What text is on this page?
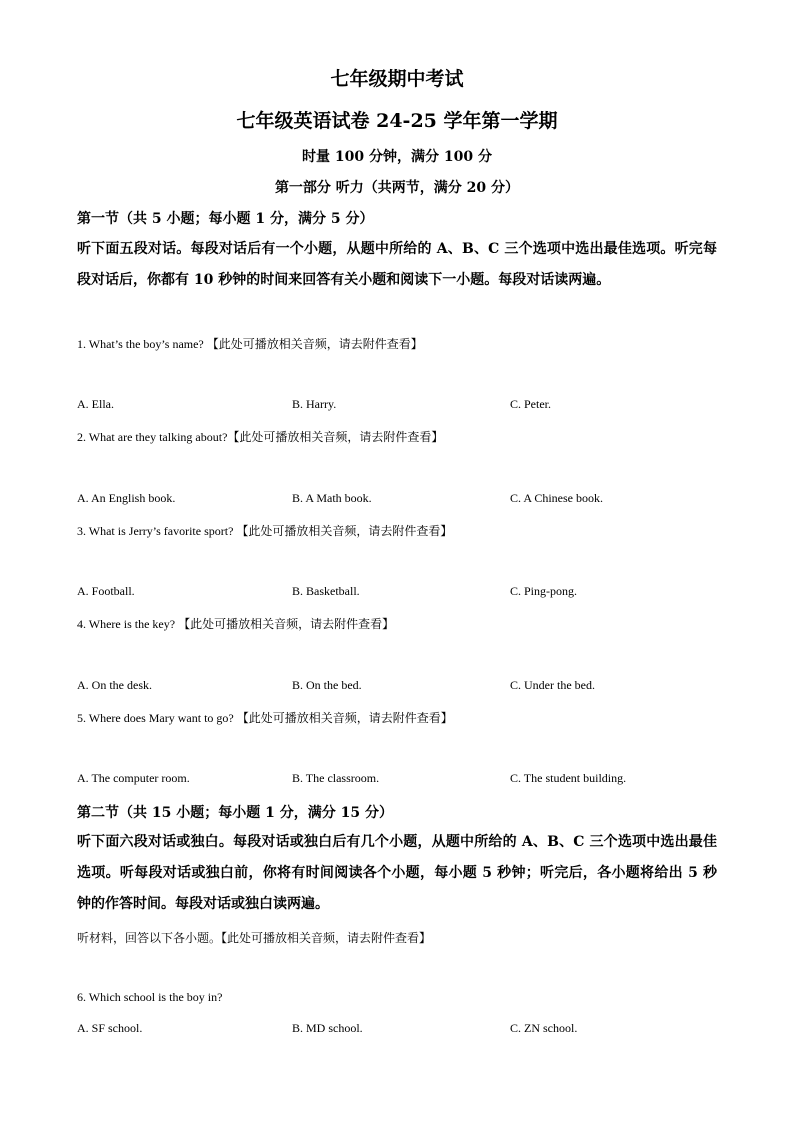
七年级期中考试
七年级英语试卷 24-25 学年第一学期
时量 100 分钟，满分 100 分
第一部分 听力（共两节，满分 20 分）
第一节（共 5 小题；每小题 1 分，满分 5 分）

听下面五段对话。每段对话后有一个小题，从题中所给的 A、B、C 三个选项中选出最佳选项。听完每段对话后，你都有 10 秒钟的时间来回答有关小题和阅读下一小题。每段对话读两遍。

1. What’s the boy’s name? 【此处可播放相关音频，请去附件查看】
A. Ella.	B. Harry.	C. Peter.
2. What are they talking about?【此处可播放相关音频，请去附件查看】
A. An English book.	B. A Math book.	C. A Chinese book.
3. What is Jerry’s favorite sport? 【此处可播放相关音频，请去附件查看】
A. Football.	B. Basketball.	C. Ping-pong.
4. Where is the key? 【此处可播放相关音频，请去附件查看】
A. On the desk.	B. On the bed.	C. Under the bed.
5. Where does Mary want to go? 【此处可播放相关音频，请去附件查看】
A. The computer room.	B. The classroom.	C. The student building.
第二节（共 15 小题；每小题 1 分，满分 15 分）

听下面六段对话或独白。每段对话或独白后有几个小题，从题中所给的 A、B、C 三个选项中选出最佳选项。听每段对话或独白前，你将有时间阅读各个小题，每小题 5 秒钟；听完后，各小题将给出 5 秒钟的作答时间。每段对话或独白读两遍。

听材料，回答以下各小题。【此处可播放相关音频，请去附件查看】
6. Which school is the boy in?
A. SF school.	B. MD school.	C. ZN school.
